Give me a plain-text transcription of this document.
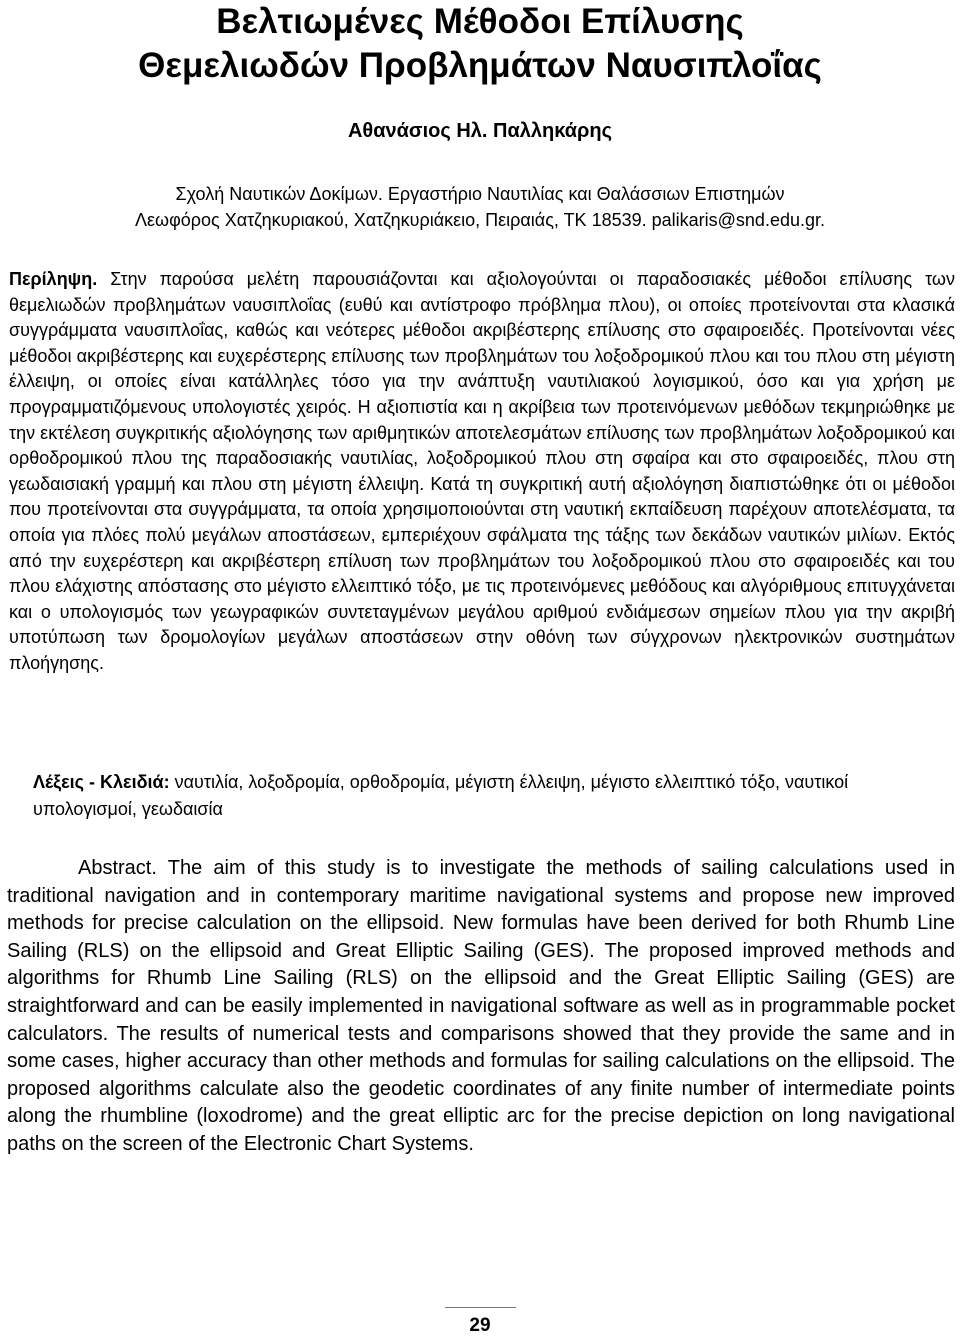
Βελτιωμένες Μέθοδοι Επίλυσης
Θεμελιωδών Προβλημάτων Ναυσιπλοΐας
Αθανάσιος Ηλ. Παλληκάρης
Σχολή Ναυτικών Δοκίμων. Εργαστήριο Ναυτιλίας και Θαλάσσιων Επιστημών
Λεωφόρος Χατζηκυριακού, Χατζηκυριάκειο, Πειραιάς, ΤΚ 18539. palikaris@snd.edu.gr.

Περίληψη. Στην παρούσα μελέτη παρουσιάζονται και αξιολογούνται οι παραδοσιακές μέθοδοι επίλυσης των θεμελιωδών προβλημάτων ναυσιπλοΐας (ευθύ και αντίστροφο πρόβλημα πλου), οι οποίες προτείνονται στα κλασικά συγγράμματα ναυσιπλοΐας, καθώς και νεότερες μέθοδοι ακριβέστερης επίλυσης στο σφαιροειδές. Προτείνονται νέες μέθοδοι ακριβέστερης και ευχερέστερης επίλυσης των προβλημάτων του λοξοδρομικού πλου και του πλου στη μέγιστη έλλειψη, οι οποίες είναι κατάλληλες τόσο για την ανάπτυξη ναυτιλιακού λογισμικού, όσο και για χρήση με προγραμματιζόμενους υπολογιστές χειρός. Η αξιοπιστία και η ακρίβεια των προτεινόμενων μεθόδων τεκμηριώθηκε με την εκτέλεση συγκριτικής αξιολόγησης των αριθμητικών αποτελεσμάτων επίλυσης των προβλημάτων λοξοδρομικού και ορθοδρομικού πλου της παραδοσιακής ναυτιλίας, λοξοδρομικού πλου στη σφαίρα και στο σφαιροειδές, πλου στη γεωδαισιακή γραμμή και πλου στη μέγιστη έλλειψη. Κατά τη συγκριτική αυτή αξιολόγηση διαπιστώθηκε ότι οι μέθοδοι που προτείνονται στα συγγράμματα, τα οποία χρησιμοποιούνται στη ναυτική εκπαίδευση παρέχουν αποτελέσματα, τα οποία για πλόες πολύ μεγάλων αποστάσεων, εμπεριέχουν σφάλματα της τάξης των δεκάδων ναυτικών μιλίων. Εκτός από την ευχερέστερη και ακριβέστερη επίλυση των προβλημάτων του λοξοδρομικού πλου στο σφαιροειδές και του πλου ελάχιστης απόστασης στο μέγιστο ελλειπτικό τόξο, με τις προτεινόμενες μεθόδους και αλγόριθμους επιτυγχάνεται και ο υπολογισμός των γεωγραφικών συντεταγμένων μεγάλου αριθμού ενδιάμεσων σημείων πλου για την ακριβή υποτύπωση των δρομολογίων μεγάλων αποστάσεων στην οθόνη των σύγχρονων ηλεκτρονικών συστημάτων πλοήγησης.

Λέξεις - Κλειδιά: ναυτιλία, λοξοδρομία, ορθοδρομία, μέγιστη έλλειψη, μέγιστο ελλειπτικό τόξο, ναυτικοί υπολογισμοί, γεωδαισία

Abstract. The aim of this study is to investigate the methods of sailing calculations used in traditional navigation and in contemporary maritime navigational systems and propose new improved methods for precise calculation on the ellipsoid. New formulas have been derived for both Rhumb Line Sailing (RLS) on the ellipsoid and Great Elliptic Sailing (GES). The proposed improved methods and algorithms for Rhumb Line Sailing (RLS) on the ellipsoid and the Great Elliptic Sailing (GES) are straightforward and can be easily implemented in navigational software as well as in programmable pocket calculators. The results of numerical tests and comparisons showed that they provide the same and in some cases, higher accuracy than other methods and formulas for sailing calculations on the ellipsoid. The proposed algorithms calculate also the geodetic coordinates of any finite number of intermediate points along the rhumbline (loxodrome) and the great elliptic arc for the precise depiction on long navigational paths on the screen of the Electronic Chart Systems.

29
